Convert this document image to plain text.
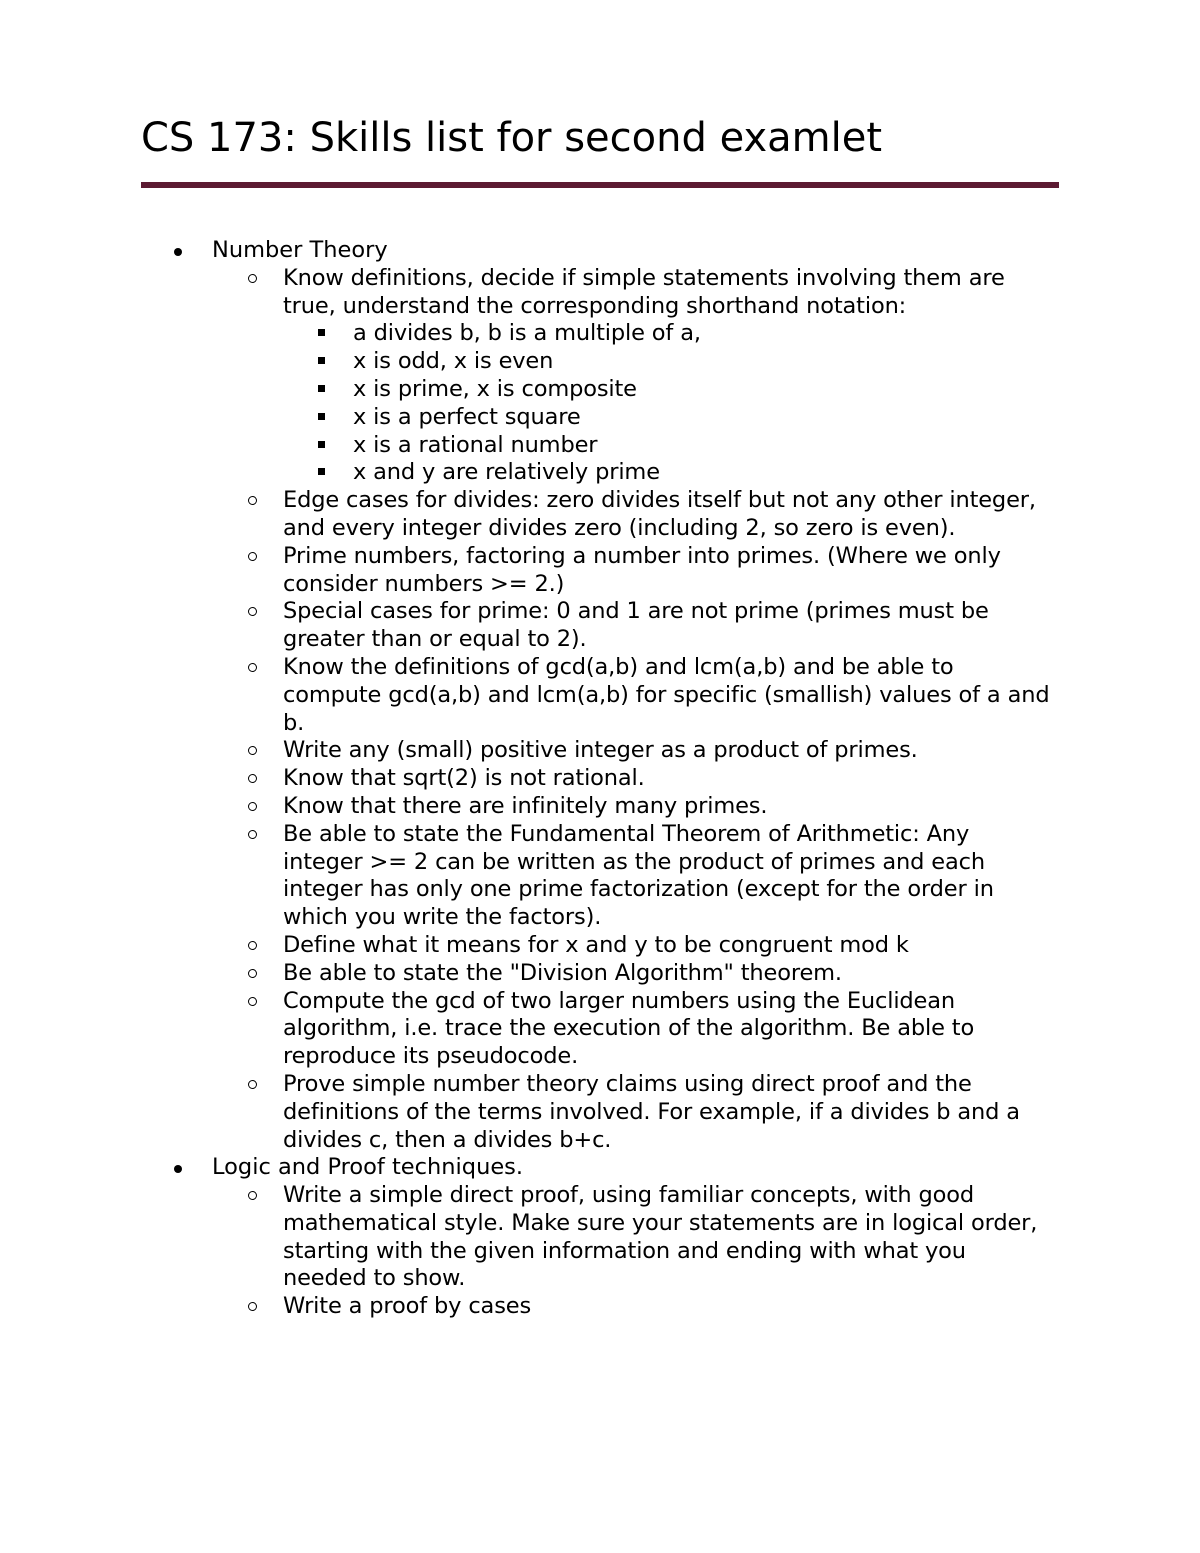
CS 173: Skills list for second examlet
Number Theory
Know definitions, decide if simple statements involving them are true, understand the corresponding shorthand notation:
a divides b, b is a multiple of a,
x is odd, x is even
x is prime, x is composite
x is a perfect square
x is a rational number
x and y are relatively prime
Edge cases for divides: zero divides itself but not any other integer, and every integer divides zero (including 2, so zero is even).
Prime numbers, factoring a number into primes. (Where we only consider numbers >= 2.)
Special cases for prime: 0 and 1 are not prime (primes must be greater than or equal to 2).
Know the definitions of gcd(a,b) and lcm(a,b) and be able to compute gcd(a,b) and lcm(a,b) for specific (smallish) values of a and b.
Write any (small) positive integer as a product of primes.
Know that sqrt(2) is not rational.
Know that there are infinitely many primes.
Be able to state the Fundamental Theorem of Arithmetic: Any integer >= 2 can be written as the product of primes and each integer has only one prime factorization (except for the order in which you write the factors).
Define what it means for x and y to be congruent mod k
Be able to state the "Division Algorithm" theorem.
Compute the gcd of two larger numbers using the Euclidean algorithm, i.e. trace the execution of the algorithm. Be able to reproduce its pseudocode.
Prove simple number theory claims using direct proof and the definitions of the terms involved. For example, if a divides b and a divides c, then a divides b+c.
Logic and Proof techniques.
Write a simple direct proof, using familiar concepts, with good mathematical style. Make sure your statements are in logical order, starting with the given information and ending with what you needed to show.
Write a proof by cases
